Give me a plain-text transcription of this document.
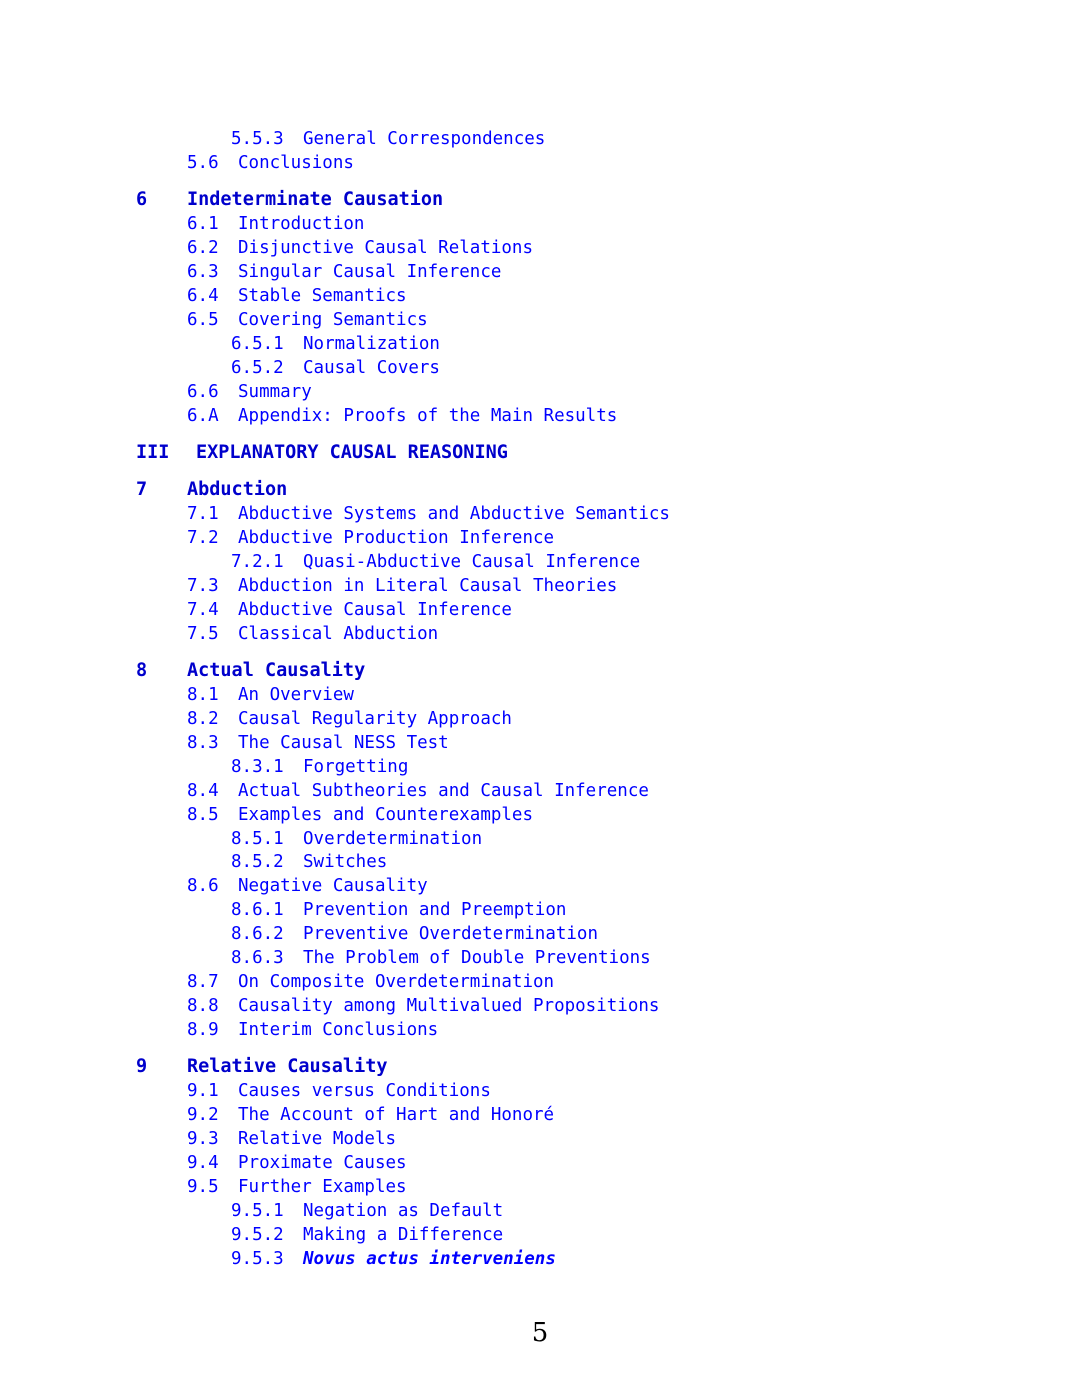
5.5.3 General Correspondences
5.6 Conclusions
6 Indeterminate Causation
6.1 Introduction
6.2 Disjunctive Causal Relations
6.3 Singular Causal Inference
6.4 Stable Semantics
6.5 Covering Semantics
6.5.1 Normalization
6.5.2 Causal Covers
6.6 Summary
6.A Appendix: Proofs of the Main Results
III EXPLANATORY CAUSAL REASONING
7 Abduction
7.1 Abductive Systems and Abductive Semantics
7.2 Abductive Production Inference
7.2.1 Quasi-Abductive Causal Inference
7.3 Abduction in Literal Causal Theories
7.4 Abductive Causal Inference
7.5 Classical Abduction
8 Actual Causality
8.1 An Overview
8.2 Causal Regularity Approach
8.3 The Causal NESS Test
8.3.1 Forgetting
8.4 Actual Subtheories and Causal Inference
8.5 Examples and Counterexamples
8.5.1 Overdetermination
8.5.2 Switches
8.6 Negative Causality
8.6.1 Prevention and Preemption
8.6.2 Preventive Overdetermination
8.6.3 The Problem of Double Preventions
8.7 On Composite Overdetermination
8.8 Causality among Multivalued Propositions
8.9 Interim Conclusions
9 Relative Causality
9.1 Causes versus Conditions
9.2 The Account of Hart and Honoré
9.3 Relative Models
9.4 Proximate Causes
9.5 Further Examples
9.5.1 Negation as Default
9.5.2 Making a Difference
9.5.3 Novus actus interveniens
5
